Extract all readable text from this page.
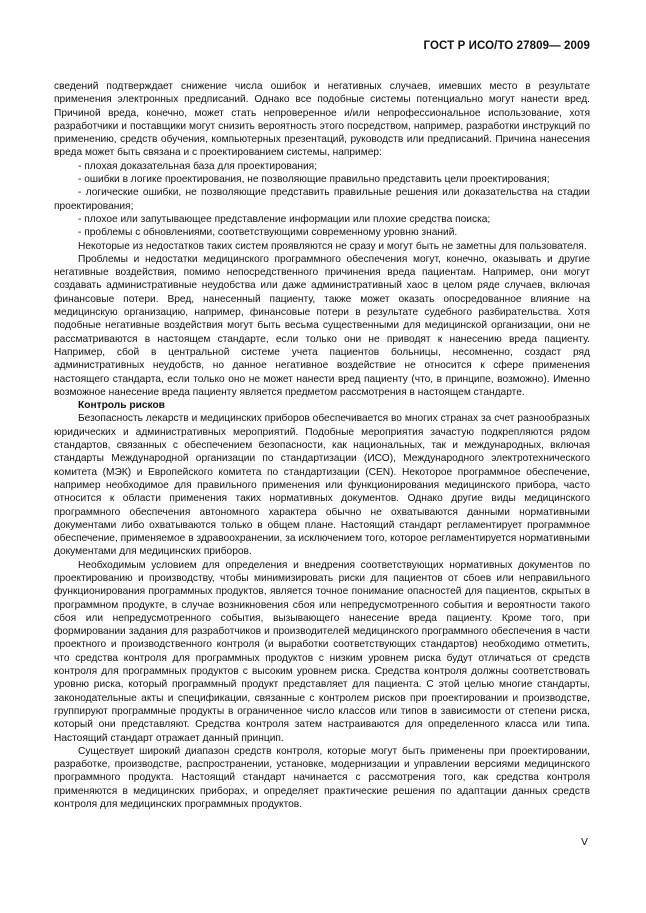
ГОСТ Р ИСО/ТО 27809— 2009

сведений подтверждает снижение числа ошибок и негативных случаев, имевших место в результате применения электронных предписаний. Однако все подобные системы потенциально могут нанести вред. Причиной вреда, конечно, может стать непроверенное и/или непрофессиональное использование, хотя разработчики и поставщики могут снизить вероятность этого посредством, например, разработки инструкций по применению, средств обучения, компьютерных презентаций, руководств или предписаний. Причина нанесения вреда может быть связана и с проектированием системы, например:

- плохая доказательная база для проектирования;

- ошибки в логике проектирования, не позволяющие правильно представить цели проектирования;

- логические ошибки, не позволяющие представить правильные решения или доказательства на стадии проектирования;

- плохое или запутывающее представление информации или плохие средства поиска;

- проблемы с обновлениями, соответствующими современному уровню знаний.

Некоторые из недостатков таких систем проявляются не сразу и могут быть не заметны для пользователя.

Проблемы и недостатки медицинского программного обеспечения могут, конечно, оказывать и другие негативные воздействия, помимо непосредственного причинения вреда пациентам. Например, они могут создавать административные неудобства или даже административный хаос в целом ряде случаев, включая финансовые потери. Вред, нанесенный пациенту, также может оказать опосредованное влияние на медицинскую организацию, например, финансовые потери в результате судебного разбирательства. Хотя подобные негативные воздействия могут быть весьма существенными для медицинской организации, они не рассматриваются в настоящем стандарте, если только они не приводят к нанесению вреда пациенту. Например, сбой в центральной системе учета пациентов больницы, несомненно, создаст ряд административных неудобств, но данное негативное воздействие не относится к сфере применения настоящего стандарта, если только оно не может нанести вред пациенту (что, в принципе, возможно). Именно возможное нанесение вреда пациенту является предметом рассмотрения в настоящем стандарте.

Контроль рисков

Безопасность лекарств и медицинских приборов обеспечивается во многих странах за счет разнообразных юридических и административных мероприятий. Подобные мероприятия зачастую подкрепляются рядом стандартов, связанных с обеспечением безопасности, как национальных, так и международных, включая стандарты Международной организации по стандартизации (ИСО), Международного электротехнического комитета (МЭК) и Европейского комитета по стандартизации (CEN). Некоторое программное обеспечение, например необходимое для правильного применения или функционирования медицинского прибора, часто относится к области применения таких нормативных документов. Однако другие виды медицинского программного обеспечения автономного характера обычно не охватываются данными нормативными документами либо охватываются только в общем плане. Настоящий стандарт регламентирует программное обеспечение, применяемое в здравоохранении, за исключением того, которое регламентируется нормативными документами для медицинских приборов.

Необходимым условием для определения и внедрения соответствующих нормативных документов по проектированию и производству, чтобы минимизировать риски для пациентов от сбоев или неправильного функционирования программных продуктов, является точное понимание опасностей для пациентов, скрытых в программном продукте, в случае возникновения сбоя или непредусмотренного события и вероятности такого сбоя или непредусмотренного события, вызывающего нанесение вреда пациенту. Кроме того, при формировании задания для разработчиков и производителей медицинского программного обеспечения в части проектного и производственного контроля (и выработки соответствующих стандартов) необходимо отметить, что средства контроля для программных продуктов с низким уровнем риска будут отличаться от средств контроля для программных продуктов с высоким уровнем риска. Средства контроля должны соответствовать уровню риска, который программный продукт представляет для пациента. С этой целью многие стандарты, законодательные акты и спецификации, связанные с контролем рисков при проектировании и производстве, группируют программные продукты в ограниченное число классов или типов в зависимости от степени риска, который они представляют. Средства контроля затем настраиваются для определенного класса или типа. Настоящий стандарт отражает данный принцип.

Существует широкий диапазон средств контроля, которые могут быть применены при проектировании, разработке, производстве, распространении, установке, модернизации и управлении версиями медицинского программного продукта. Настоящий стандарт начинается с рассмотрения того, как средства контроля применяются в медицинских приборах, и определяет практические решения по адаптации данных средств контроля для медицинских программных продуктов.

V
